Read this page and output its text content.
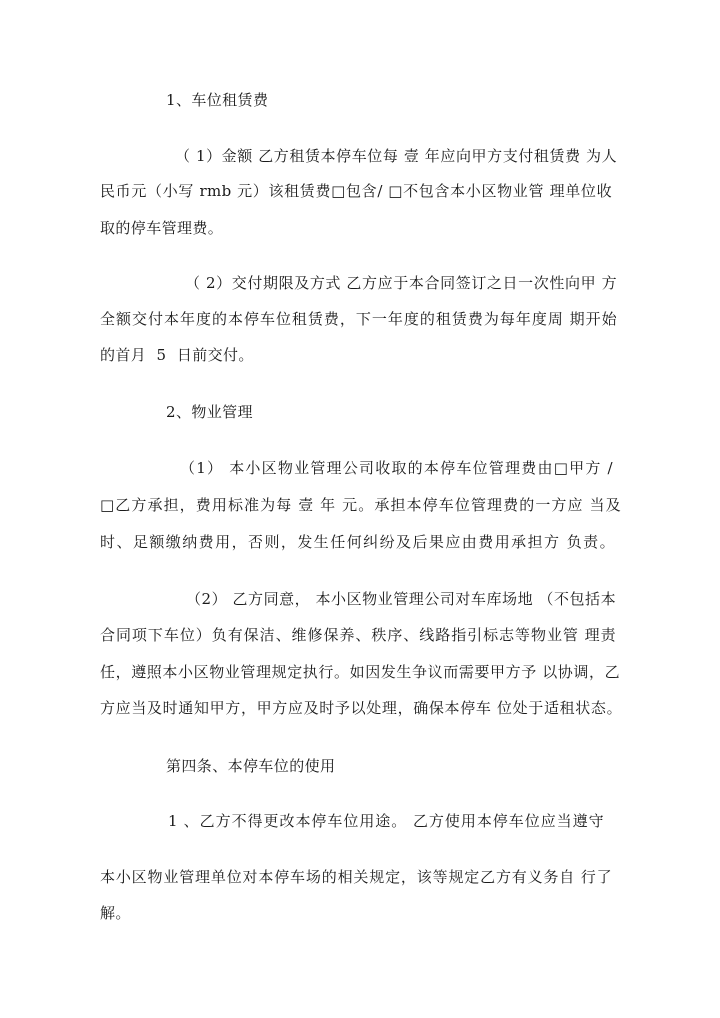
1、车位租赁费
（ 1）金额 乙方租赁本停车位每 壹 年应向甲方支付租赁费 为人
民币元（小写 rmb 元）该租赁费□包含/ □不包含本小区物业管 理单位收
取的停车管理费。
（ 2）交付期限及方式 乙方应于本合同签订之日一次性向甲 方
全额交付本年度的本停车位租赁费，下一年度的租赁费为每年度周 期开始
的首月  5  日前交付。
2、物业管理
（1） 本小区物业管理公司收取的本停车位管理费由□甲方 /
□乙方承担，费用标准为每 壹 年 元。承担本停车位管理费的一方应 当及
时、足额缴纳费用，否则，发生任何纠纷及后果应由费用承担方 负责。
（2） 乙方同意， 本小区物业管理公司对车库场地 （不包括本
合同项下车位）负有保洁、维修保养、秩序、线路指引标志等物业管 理责
任，遵照本小区物业管理规定执行。如因发生争议而需要甲方予 以协调，乙
方应当及时通知甲方，甲方应及时予以处理，确保本停车 位处于适租状态。
第四条、本停车位的使用
1 、乙方不得更改本停车位用途。 乙方使用本停车位应当遵守
本小区物业管理单位对本停车场的相关规定，该等规定乙方有义务自 行了
解。
